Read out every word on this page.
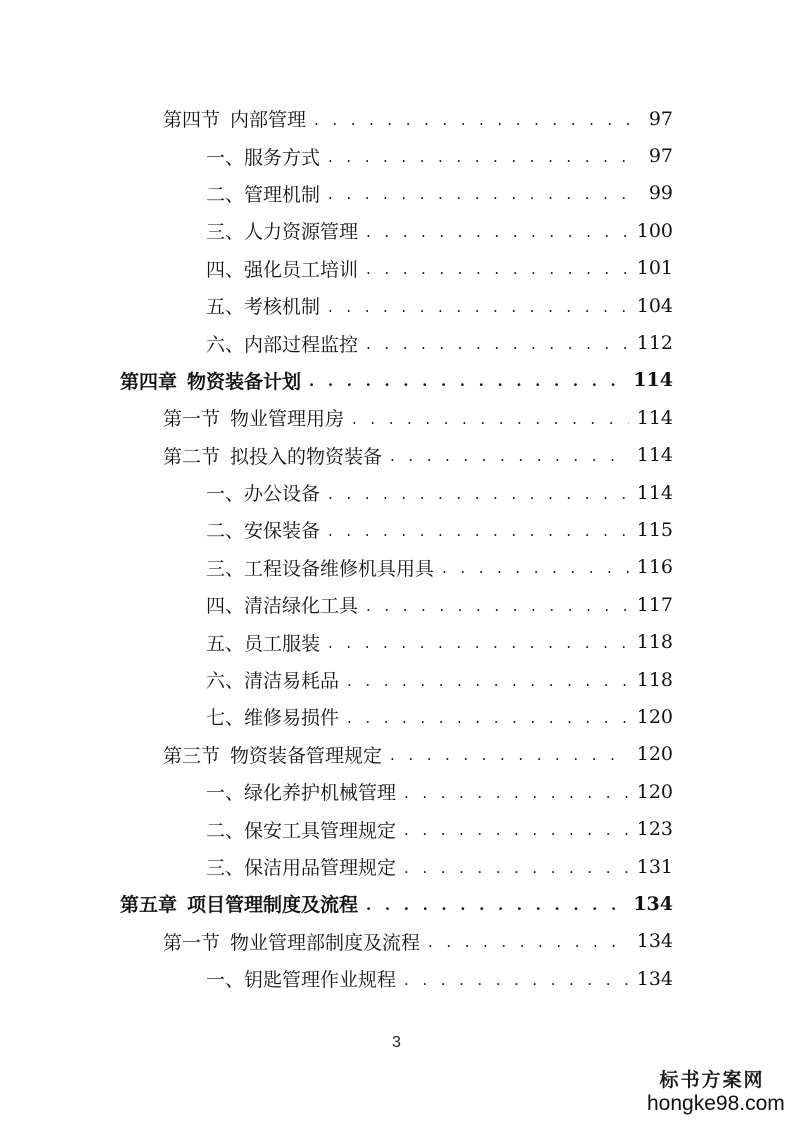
第四节 内部管理 . . .	97
一、服务方式 . . .	97
二、管理机制 . . .	99
三、人力资源管理 . . .	100
四、强化员工培训 . . .	101
五、考核机制 . . .	104
六、内部过程监控 . . .	112
第四章 物资装备计划 . . .	114
第一节 物业管理用房 . . .	114
第二节 拟投入的物资装备 . . .	114
一、办公设备 . . .	114
二、安保装备 . . .	115
三、工程设备维修机具用具 . . .	116
四、清洁绿化工具 . . .	117
五、员工服装 . . .	118
六、清洁易耗品 . . .	118
七、维修易损件 . . .	120
第三节 物资装备管理规定 . . .	120
一、绿化养护机械管理 . . .	120
二、保安工具管理规定 . . .	123
三、保洁用品管理规定 . . .	131
第五章 项目管理制度及流程 . . .	134
第一节 物业管理部制度及流程 . . .	134
一、钥匙管理作业规程 . . .	134
3
标书方案网
hongke98.com
